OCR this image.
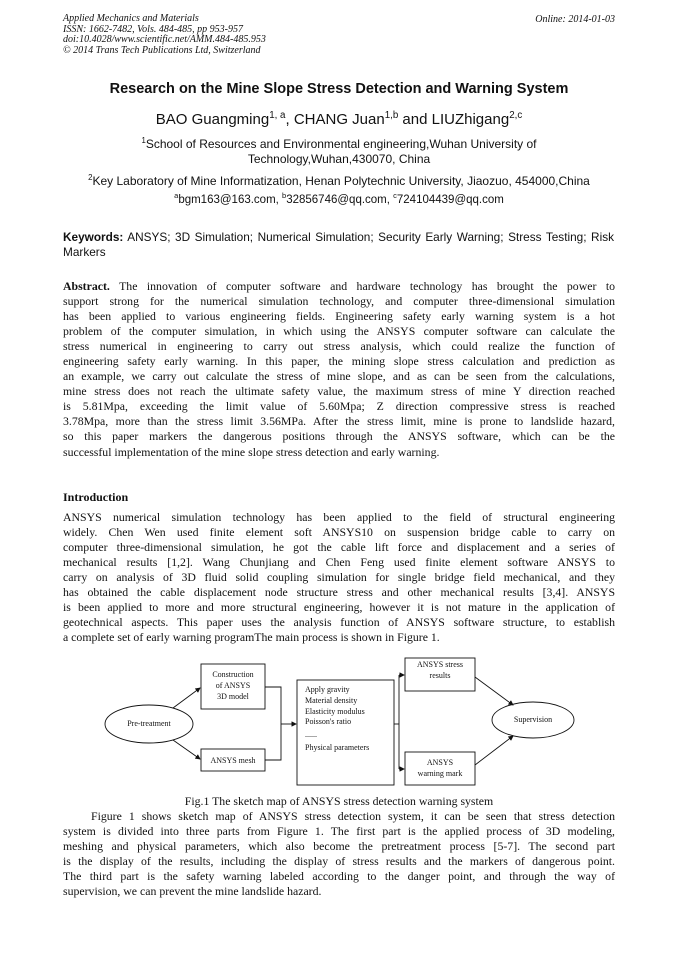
Applied Mechanics and Materials
ISSN: 1662-7482, Vols. 484-485, pp 953-957
doi:10.4028/www.scientific.net/AMM.484-485.953
© 2014 Trans Tech Publications Ltd, Switzerland
Online: 2014-01-03
Research on the Mine Slope Stress Detection and Warning System
BAO Guangming$^{1, a}$, CHANG Juan$^{1,b}$ and LIUZhigang$^{2,c}$
$^1$School of Resources and Environmental engineering,Wuhan University of
Technology,Wuhan,430070, China
$^2$Key Laboratory of Mine Informatization, Henan Polytechnic University, Jiaozuo, 454000,China
$^a$bgm163@163.com, $^b$32856746@qq.com, $^c$724104439@qq.com
Keywords: ANSYS; 3D Simulation; Numerical Simulation; Security Early Warning; Stress Testing; Risk Markers
Abstract. The innovation of computer software and hardware technology has brought the power to
support strong for the numerical simulation technology, and computer three-dimensional simulation
has been applied to various engineering fields. Engineering safety early warning system is a hot
problem of the computer simulation, in which using the ANSYS computer software can calculate the
stress numerical in engineering to carry out stress analysis, which could realize the function of
engineering safety early warning. In this paper, the mining slope stress calculation and prediction as
an example, we carry out calculate the stress of mine slope, and as can be seen from the calculations,
mine stress does not reach the ultimate safety value, the maximum stress of mine Y direction reached
is 5.81Mpa, exceeding the limit value of 5.60Mpa; Z direction compressive stress is reached
3.78Mpa, more than the stress limit 3.56MPa. After the stress limit, mine is prone to landslide hazard,
so this paper markers the dangerous positions through the ANSYS software, which can be the
successful implementation of the mine slope stress detection and early warning.
Introduction
ANSYS numerical simulation technology has been applied to the field of structural engineering
widely. Chen Wen used finite element soft ANSYS10 on suspension bridge cable to carry on
computer three-dimensional simulation, he got the cable lift force and displacement and a series of
mechanical results [1,2]. Wang Chunjiang and Chen Feng used finite element software ANSYS to
carry on analysis of 3D fluid solid coupling simulation for single bridge field mechanical, and they
has obtained the cable displacement node structure stress and other mechanical results [3,4]. ANSYS
is been applied to more and more structural engineering, however it is not mature in the application of
geotechnical aspects. This paper uses the analysis function of ANSYS software structure, to establish
a complete set of early warning programThe main process is shown in Figure 1.
Pre-treatment
Construction
of ANSYS
3D model
ANSYS mesh
Apply gravity
Material density
Elasticity modulus
Poisson's ratio
......
Physical parameters
ANSYS stress
results
ANSYS
warning mark
Supervision
Fig.1 The sketch map of ANSYS stress detection warning system
Figure 1 shows sketch map of ANSYS stress detection system, it can be seen that stress detection
system is divided into three parts from Figure 1. The first part is the applied process of 3D modeling,
meshing and physical parameters, which also become the pretreatment process [5-7]. The second part
is the display of the results, including the display of stress results and the markers of dangerous point.
The third part is the safety warning labeled according to the danger point, and through the way of
supervision, we can prevent the mine landslide hazard.
